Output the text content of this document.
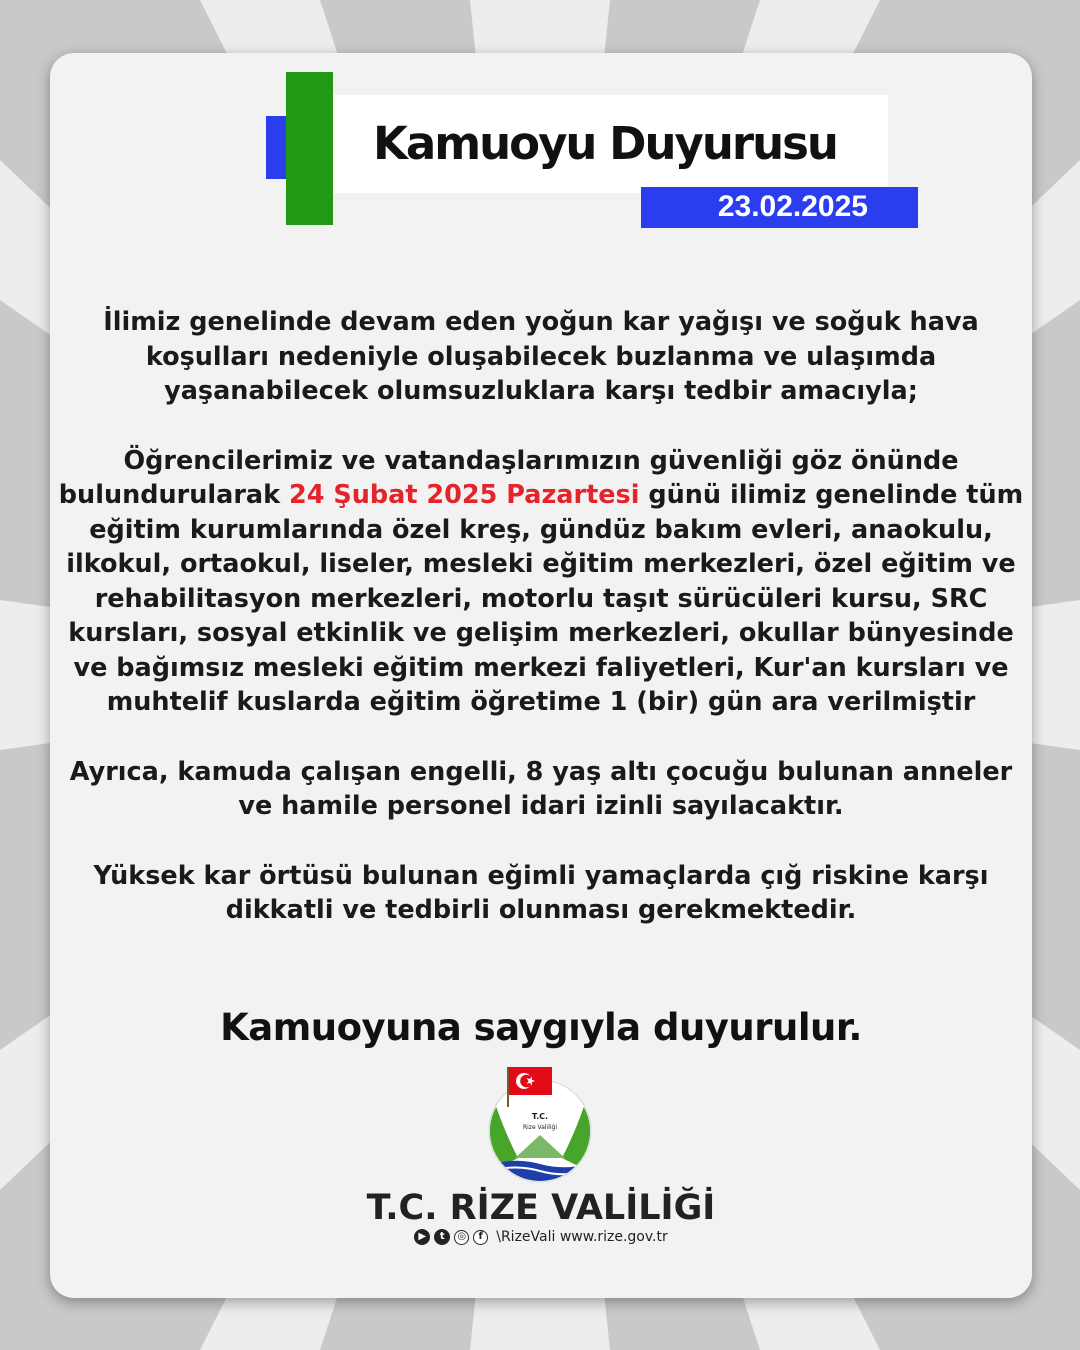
Kamuoyu Duyurusu
23.02.2025

İlimiz genelinde devam eden yoğun kar yağışı ve soğuk hava koşulları nedeniyle oluşabilecek buzlanma ve ulaşımda yaşanabilecek olumsuzluklara karşı tedbir amacıyla;

Öğrencilerimiz ve vatandaşlarımızın güvenliği göz önünde bulundurularak 24 Şubat 2025 Pazartesi günü ilimiz genelinde tüm eğitim kurumlarında özel kreş, gündüz bakım evleri, anaokulu, ilkokul, ortaokul, liseler, mesleki eğitim merkezleri, özel eğitim ve rehabilitasyon merkezleri, motorlu taşıt sürücüleri kursu, SRC kursları, sosyal etkinlik ve gelişim merkezleri, okullar bünyesinde ve bağımsız mesleki eğitim merkezi faliyetleri, Kur'an kursları ve muhtelif kuslarda eğitim öğretime 1 (bir) gün ara verilmiştir

Ayrıca, kamuda çalışan engelli, 8 yaş altı çocuğu bulunan anneler ve hamile personel idari izinli sayılacaktır.

Yüksek kar örtüsü bulunan eğimli yamaçlarda çığ riskine karşı dikkatli ve tedbirli olunması gerekmektedir.

Kamuoyuna saygıyla duyurulur.
T.C.
Rize Valiliği
T.C. RİZE VALİLİĞİ
▶	t	◎	f \RizeVali www.rize.gov.tr
